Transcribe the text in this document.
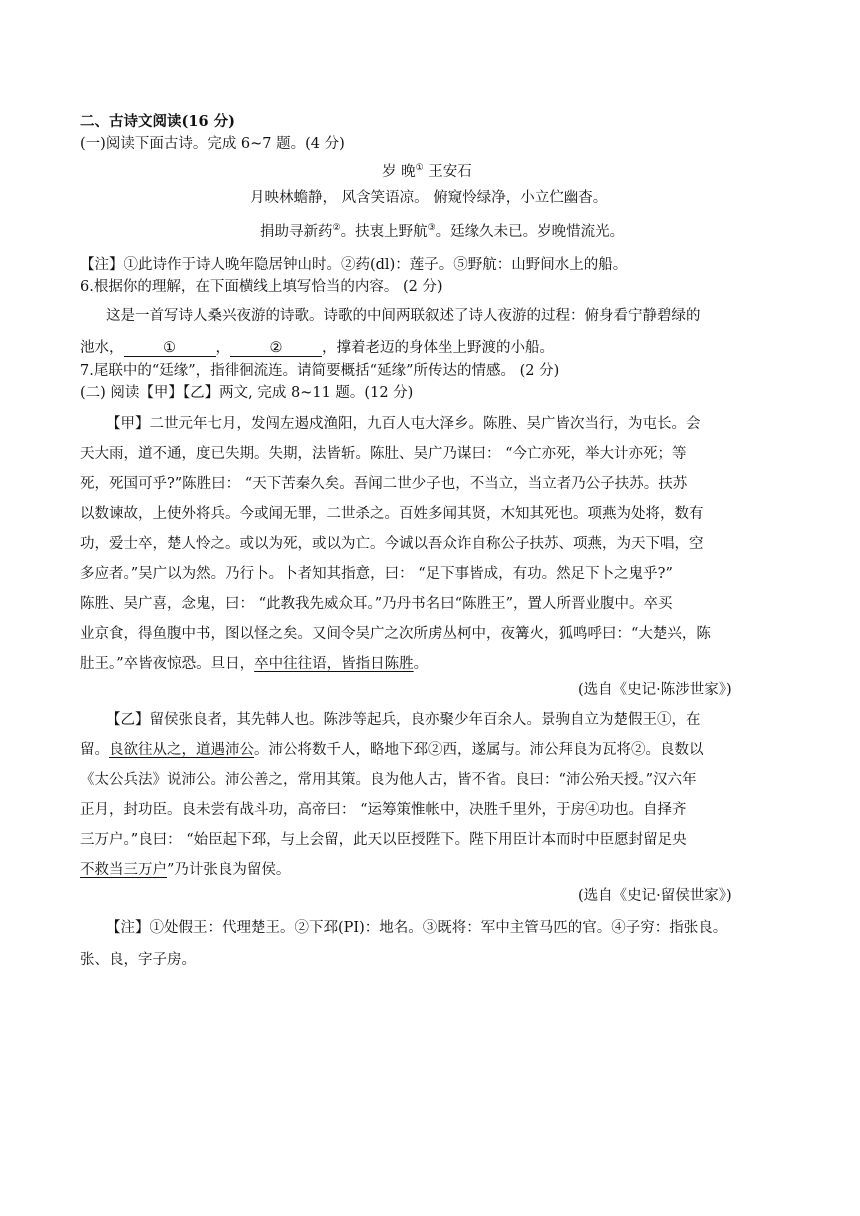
二、古诗文阅读(16 分)
(一)阅读下面古诗。完成 6~7 题。(4 分)
岁 晚① 王安石
月映林蟾静， 风含笑语凉。 俯窥怜绿净，小立伫幽杳。
捐助寻新药②。扶衷上野航③。廷缘久未已。岁晚惜流光。
【注】①此诗作于诗人晚年隐居钟山时。②药(dl)：莲子。⑤野航：山野间水上的船。
6.根据你的理解，在下面横线上填写恰当的内容。 (2 分)
这是一首写诗人桑兴夜游的诗歌。诗歌的中间两联叙述了诗人夜游的过程：俯身看宁静碧绿的
池水，	①	，	②	，撑着老迈的身体坐上野渡的小船。
7.尾联中的“廷缘”，指徘徊流连。请简要概括“延缘”所传达的情感。 (2 分)
(二) 阅读【甲】【乙】两文, 完成 8~11 题。(12 分)
【甲】二世元年七月，发闯左遏戍渔阳，九百人屯大泽乡。陈胜、吴广皆次当行，为屯长。会
天大雨，道不通，度已失期。失期，法皆斩。陈肚、吴广乃谋曰： “今亡亦死，举大计亦死；等
死，死国可乎?”陈胜曰： “天下苦秦久矣。吾闻二世少子也，不当立，当立者乃公子扶苏。扶苏
以数谏故，上使外将兵。今或闻无罪，二世杀之。百姓多闻其贤，木知其死也。项燕为处将，数有
功，爱士卒，楚人怜之。或以为死，或以为亡。今诚以吾众诈自称公子扶苏、项燕，为天下唱，空
多应者。”吴广以为然。乃行卜。卜者知其指意，曰： “足下事皆成，有功。然足下卜之鬼乎?”
陈胜、吴广喜，念鬼，曰： “此教我先威众耳。”乃丹书名曰“陈胜王”，置人所晋业腹中。卒买
业京食，得鱼腹中书，图以怪之矣。又间令吴广之次所虏丛柯中，夜篝火，狐鸣呼曰：“大楚兴，陈
肚王。”卒皆夜惊恐。旦日，卒中往往语，皆指日陈胜。
(选自《史记·陈涉世家》)
【乙】留侯张良者，其先韩人也。陈涉等起兵，良亦聚少年百余人。景驹自立为楚假王①，在
留。良欲往从之，道遇沛公。沛公将数千人，略地下邳②西，遂属与。沛公拜良为瓦将②。良数以
《太公兵法》说沛公。沛公善之，常用其策。良为他人古，皆不省。良曰：“沛公殆天授。”汉六年
正月，封功臣。良未尝有战斗功，高帝曰： “运筹策惟帐中，决胜千里外，于房④功也。自择齐
三万户。”良曰： “始臣起下邳，与上会留，此天以臣授陛下。陛下用臣计本而时中臣愿封留足央
不救当三万户”乃计张良为留侯。
(选自《史记·留侯世家》)
【注】①处假王：代理楚王。②下邳(PI)：地名。③既将：军中主管马匹的官。④子穷：指张良。
张、良，字子房。
